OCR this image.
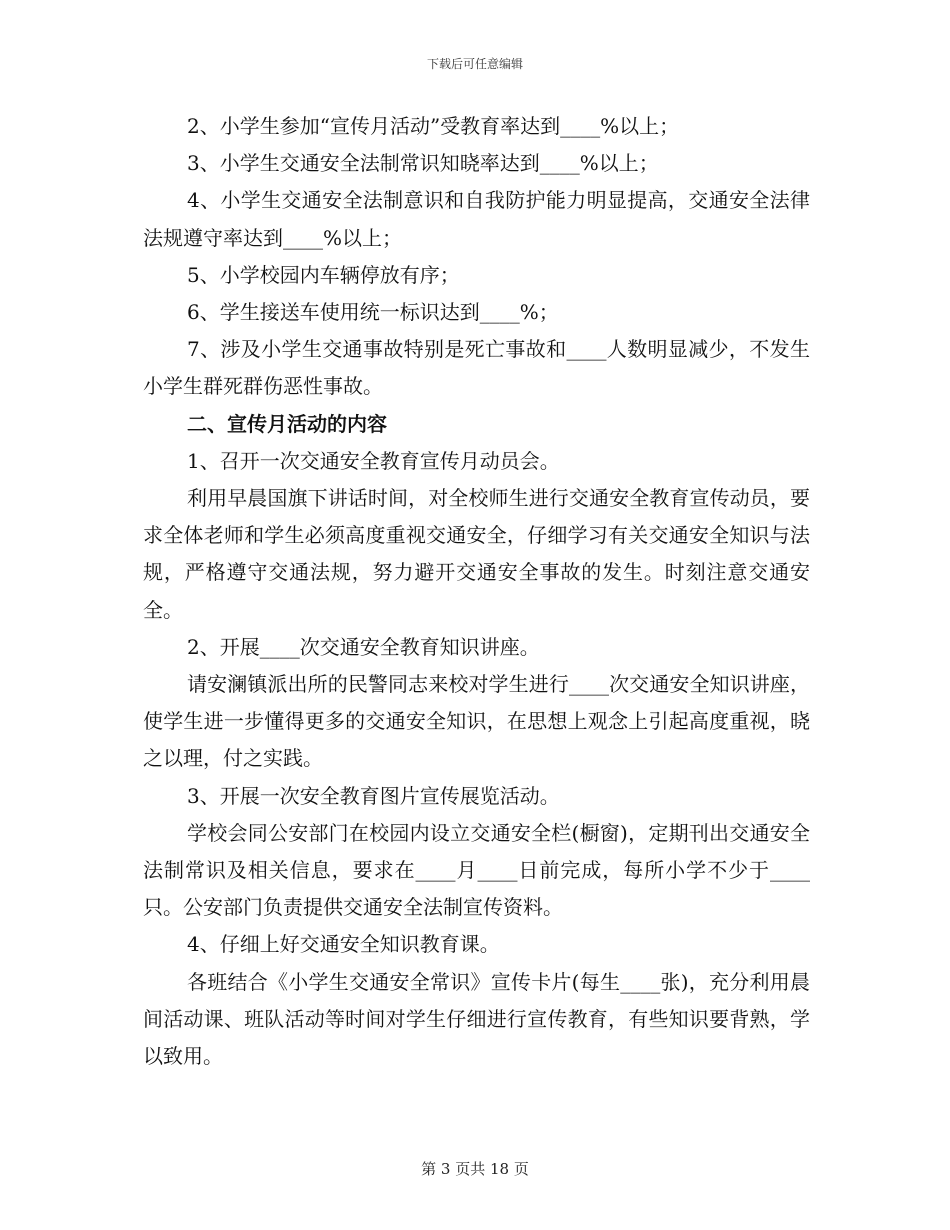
下载后可任意编辑

2、小学生参加“宣传月活动”受教育率达到____%以上；

3、小学生交通安全法制常识知晓率达到____%以上；

4、小学生交通安全法制意识和自我防护能力明显提高，交通安全法律法规遵守率达到____%以上；

5、小学校园内车辆停放有序；

6、学生接送车使用统一标识达到____%；

7、涉及小学生交通事故特别是死亡事故和____人数明显减少，不发生小学生群死群伤恶性事故。

二、宣传月活动的内容

1、召开一次交通安全教育宣传月动员会。

利用早晨国旗下讲话时间，对全校师生进行交通安全教育宣传动员，要求全体老师和学生必须高度重视交通安全，仔细学习有关交通安全知识与法规，严格遵守交通法规，努力避开交通安全事故的发生。时刻注意交通安全。

2、开展____次交通安全教育知识讲座。

请安澜镇派出所的民警同志来校对学生进行____次交通安全知识讲座，使学生进一步懂得更多的交通安全知识，在思想上观念上引起高度重视，晓之以理，付之实践。

3、开展一次安全教育图片宣传展览活动。

学校会同公安部门在校园内设立交通安全栏(橱窗)，定期刊出交通安全法制常识及相关信息，要求在____月____日前完成，每所小学不少于____只。公安部门负责提供交通安全法制宣传资料。

4、仔细上好交通安全知识教育课。

各班结合《小学生交通安全常识》宣传卡片(每生____张)，充分利用晨间活动课、班队活动等时间对学生仔细进行宣传教育，有些知识要背熟，学以致用。

第 3 页共 18 页
